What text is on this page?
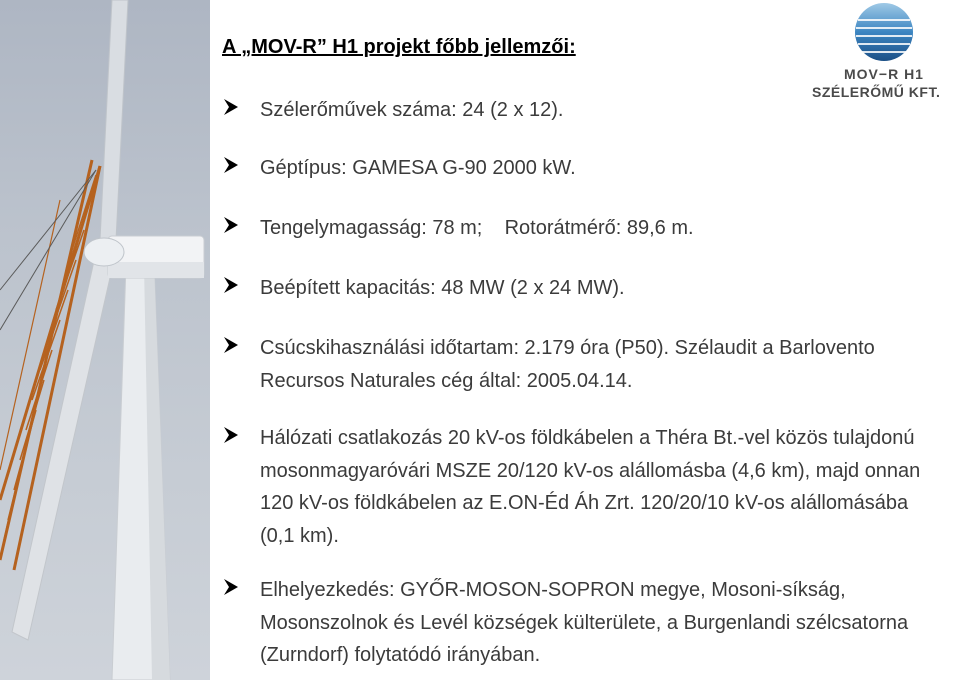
MOV−R H1
SZÉLERŐMŰ KFT.
A „MOV-R” H1 projekt főbb jellemzői:
Szélerőművek száma: 24 (2 x 12).
Géptípus: GAMESA G-90 2000 kW.
Tengelymagasság: 78 m;    Rotorátmérő: 89,6 m.
Beépített kapacitás: 48 MW (2 x 24 MW).
Csúcskihasználási időtartam: 2.179 óra (P50). Szélaudit a Barlovento Recursos Naturales cég által: 2005.04.14.
Hálózati csatlakozás 20 kV-os földkábelen a Théra Bt.-vel közös tulajdonú mosonmagyaróvári MSZE 20/120 kV-os alállomásba (4,6 km), majd onnan 120 kV-os földkábelen az E.ON-Éd Áh Zrt. 120/20/10 kV-os alállomásába (0,1 km).
Elhelyezkedés: GYŐR-MOSON-SOPRON megye, Mosoni-síkság, Mosonszolnok és Levél községek külterülete, a Burgenlandi szélcsatorna (Zurndorf) folytatódó irányában.
